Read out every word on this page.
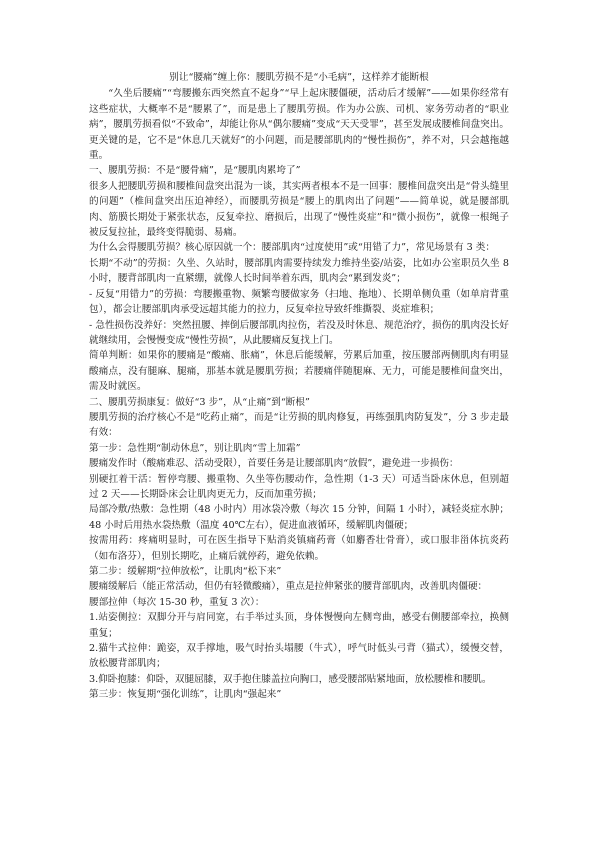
别让“腰痛”缠上你：腰肌劳损不是“小毛病”，这样养才能断根

“久坐后腰痛”“弯腰搬东西突然直不起身”“早上起床腰僵硬，活动后才缓解”——如果你经常有这些症状，大概率不是“腰累了”，而是患上了腰肌劳损。作为办公族、司机、家务劳动者的“职业病”，腰肌劳损看似“不致命”，却能让你从“偶尔腰痛”变成“天天受罪”，甚至发展成腰椎间盘突出。更关键的是，它不是“休息几天就好”的小问题，而是腰部肌肉的“慢性损伤”，养不对，只会越拖越重。

一、腰肌劳损：不是“腰骨痛”，是“腰肌肉累垮了”

很多人把腰肌劳损和腰椎间盘突出混为一谈，其实两者根本不是一回事：腰椎间盘突出是“骨头缝里的问题”（椎间盘突出压迫神经），而腰肌劳损是“腰上的肌肉出了问题”——简单说，就是腰部肌肉、筋膜长期处于紧张状态，反复牵拉、磨损后，出现了“慢性炎症”和“微小损伤”，就像一根绳子被反复拉扯，最终变得脆弱、易痛。

为什么会得腰肌劳损？核心原因就一个：腰部肌肉“过度使用”或“用错了力”，常见场景有 3 类：

长期“不动”的劳损：久坐、久站时，腰部肌肉需要持续发力维持坐姿/站姿，比如办公室职员久坐 8 小时，腰背部肌肉一直紧绷，就像人长时间举着东西，肌肉会“累到发炎”；

- 反复“用错力”的劳损：弯腰搬重物、频繁弯腰做家务（扫地、拖地）、长期单侧负重（如单肩背重包），都会让腰部肌肉承受远超其能力的拉力，反复牵拉导致纤维撕裂、炎症堆积；

- 急性损伤没养好：突然扭腰、摔倒后腰部肌肉拉伤，若没及时休息、规范治疗，损伤的肌肉没长好就继续用，会慢慢变成“慢性劳损”，从此腰痛反复找上门。

简单判断：如果你的腰痛是“酸痛、胀痛”，休息后能缓解，劳累后加重，按压腰部两侧肌肉有明显酸痛点，没有腿麻、腿痛，那基本就是腰肌劳损；若腰痛伴随腿麻、无力，可能是腰椎间盘突出，需及时就医。

二、腰肌劳损康复：做好“3 步”，从“止痛”到“断根”

腰肌劳损的治疗核心不是“吃药止痛”，而是“让劳损的肌肉修复，再练强肌肉防复发”，分 3 步走最有效：

第一步：急性期“制动休息”，别让肌肉“雪上加霜”

腰痛发作时（酸痛难忍、活动受限），首要任务是让腰部肌肉“放假”，避免进一步损伤：

别硬扛着干活：暂停弯腰、搬重物、久坐等伤腰动作，急性期（1-3 天）可适当卧床休息，但别超过 2 天——长期卧床会让肌肉更无力，反而加重劳损；

局部冷敷/热敷：急性期（48 小时内）用冰袋冷敷（每次 15 分钟，间隔 1 小时），减轻炎症水肿；48 小时后用热水袋热敷（温度 40℃左右），促进血液循环，缓解肌肉僵硬；

按需用药：疼痛明显时，可在医生指导下贴消炎镇痛药膏（如麝香壮骨膏），或口服非甾体抗炎药（如布洛芬），但别长期吃，止痛后就停药，避免依赖。

第二步：缓解期“拉伸放松”，让肌肉“松下来”

腰痛缓解后（能正常活动，但仍有轻微酸痛），重点是拉伸紧张的腰背部肌肉，改善肌肉僵硬：

腰部拉伸（每次 15-30 秒，重复 3 次）：

1.站姿侧拉：双脚分开与肩同宽，右手举过头顶，身体慢慢向左侧弯曲，感受右侧腰部牵拉，换侧重复；

2.猫牛式拉伸：跪姿，双手撑地，吸气时抬头塌腰（牛式），呼气时低头弓背（猫式），缓慢交替，放松腰背部肌肉；

3.仰卧抱膝：仰卧，双腿屈膝，双手抱住膝盖拉向胸口，感受腰部贴紧地面，放松腰椎和腰肌。

第三步：恢复期“强化训练”，让肌肉“强起来”
